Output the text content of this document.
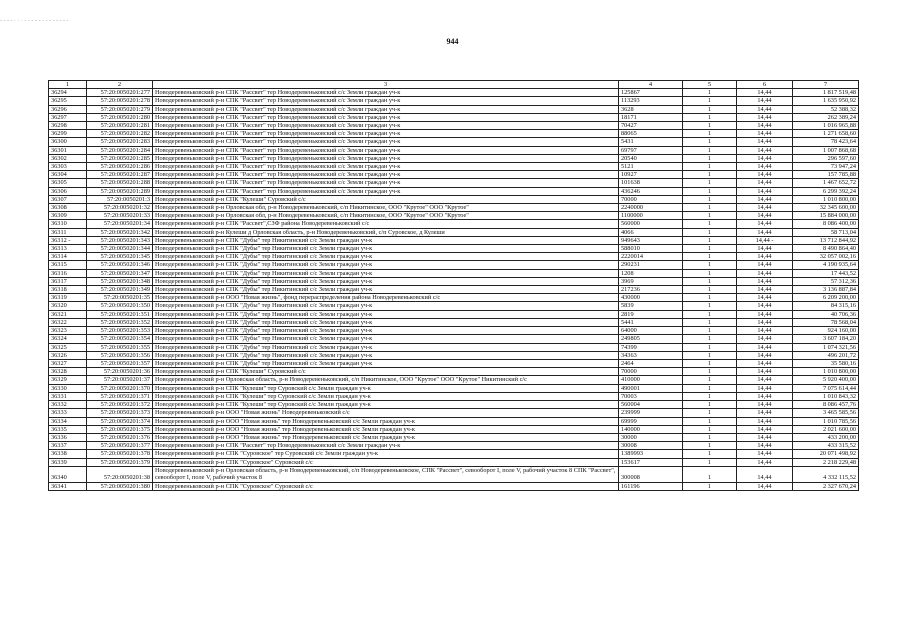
- - - - · · · - - - - - - - - - - - - -
944
1	2	3	4	5	6	7
36294	57:20:0050201:277	Новодеревеньковский р-н СПК "Рассвет" тер Новодеревеньковский с/с Земли граждан уч-к	125867	1	14,44	1 817 519,48
36295	57:20:0050201:278	Новодеревеньковский р-н СПК "Рассвет" тер Новодеревеньковский с/с Земли граждан уч-к	113293	1	14,44	1 635 950,92
36296	57:20:0050201:279	Новодеревеньковский р-н СПК "Рассвет" тер Новодеревеньковский с/с Земли граждан уч-к	3628	1	14,44	52 388,32
36297	57:20:0050201:280	Новодеревеньковский р-н СПК "Рассвет" тер Новодеревеньковский с/с Земли граждан уч-к	18171	1	14,44	262 389,24
36298	57:20:0050201:281	Новодеревеньковский р-н СПК "Рассвет" тер Новодеревеньковский с/с Земли граждан уч-к	70427	1	14,44	1 016 965,88
36299	57:20:0050201:282	Новодеревеньковский р-н СПК "Рассвет" тер Новодеревеньковский с/с Земли граждан уч-к	88065	1	14,44	1 271 658,60
36300	57:20:0050201:283	Новодеревеньковский р-н СПК "Рассвет" тер Новодеревеньковский с/с Земли граждан уч-к	5431	1	14,44	78 423,64
36301	57:20:0050201:284	Новодеревеньковский р-н СПК "Рассвет" тер Новодеревеньковский с/с Земли граждан уч-к	69797	1	14,44	1 007 868,68
36302	57:20:0050201:285	Новодеревеньковский р-н СПК "Рассвет" тер Новодеревеньковский с/с Земли граждан уч-к	20540	1	14,44	296 597,60
36303	57:20:0050201:286	Новодеревеньковский р-н СПК "Рассвет" тер Новодеревеньковский с/с Земли граждан уч-к	5121	1	14,44	73 947,24
36304	57:20:0050201:287	Новодеревеньковский р-н СПК "Рассвет" тер Новодеревеньковский с/с Земли граждан уч-к	10927	1	14,44	157 785,88
36305	57:20:0050201:288	Новодеревеньковский р-н СПК "Рассвет" тер Новодеревеньковский с/с Земли граждан уч-к	101638	1	14,44	1 467 652,72
36306	57:20:0050201:289	Новодеревеньковский р-н СПК "Рассвет" тер Новодеревеньковский с/с Земли граждан уч-к	436246	1	14,44	6 299 392,24
36307	57:20:0050201:3	Новодеревеньковский р-н СПК "Кулеши" Суровский с/с	70000	1	14,44	1 010 800,00
36308	57:20:0050201:32	Новодеревеньковский р-н Орловская обл, р-н Новодеревеньковский, с/п Никитинское, ООО "Крутое" ООО "Крутое"	2240000	1	14,44	32 345 600,00
36309	57:20:0050201:33	Новодеревеньковский р-н Орловская обл, р-н Новодеревеньковский, с/п Никитинское, ООО "Крутое" ООО "Крутое"	1100000	1	14,44	15 884 000,00
36310	57:20:0050201:34	Новодеревеньковский р-н СПК "Рассвет",СЗФ района Новодеревеньковский с/с	560000	1	14,44	8 086 400,00
36311	57:20:0050201:342	Новодеревеньковский р-н Кулеши д Орловская область, р-н Новодеревеньковский, с/п Суровское, д Кулеши	4066	1	14,44	58 713,04
36312 -	57:20:0050201:343	Новодеревеньковский р-н СПК "Дубы" тер Никитинский с/с Земли граждан уч-к	949643	1	14,44 -	13 712 844,92
36313	57:20:0050201:344	Новодеревеньковский р-н СПК "Дубы" тер Никитинский с/с Земли граждан уч-к	588010	1	14,44	8 490 864,40
36314	57:20:0050201:345	Новодеревеньковский р-н СПК "Дубы" тер Никитинский с/с Земли граждан уч-к	2220014	1	14,44	32 057 002,16
36315	57:20:0050201:346	Новодеревеньковский р-н СПК "Дубы" тер Никитинский с/с Земли граждан уч-к	290231	1	14,44	4 190 935,64
36316	57:20:0050201:347	Новодеревеньковский р-н СПК "Дубы" тер Никитинский с/с Земли граждан уч-к	1208	1	14,44	17 443,52
36317	57:20:0050201:348	Новодеревеньковский р-н СПК "Дубы" тер Никитинский с/с Земли граждан уч-к	3969	1	14,44	57 312,36
36318	57:20:0050201:349	Новодеревеньковский р-н СПК "Дубы" тер Никитинский с/с Земли граждан уч-к	217236	1	14,44	3 136 887,84
36319	57:20:0050201:35	Новодеревеньковский р-н ООО "Новая жизнь", фонд перераспределения района Новодеревеньковский с/с	430000	1	14,44	6 209 200,00
36320	57:20:0050201:350	Новодеревеньковский р-н СПК "Дубы" тер Никитинский с/с Земли граждан уч-к	5839	1	14,44	84 315,16
36321	57:20:0050201:351	Новодеревеньковский р-н СПК "Дубы" тер Никитинский с/с Земли граждан уч-к	2819	1	14,44	40 706,36
36322	57:20:0050201:352	Новодеревеньковский р-н СПК "Дубы" тер Никитинский с/с Земли граждан уч-к	5441	1	14,44	78 568,04
36323	57:20:0050201:353	Новодеревеньковский р-н СПК "Дубы" тер Никитинский с/с Земли граждан уч-к	64000	1	14,44	924 160,00
36324	57:20:0050201:354	Новодеревеньковский р-н СПК "Дубы" тер Никитинский с/с Земли граждан уч-к	249805	1	14,44	3 607 184,20
36325	57:20:0050201:355	Новодеревеньковский р-н СПК "Дубы" тер Никитинский с/с Земли граждан уч-к	74399	1	14,44	1 074 321,56
36326	57:20:0050201:356	Новодеревеньковский р-н СПК "Дубы" тер Никитинский с/с Земли граждан уч-к	34363	1	14,44	496 201,72
36327	57:20:0050201:357	Новодеревеньковский р-н СПК "Дубы" тер Никитинский с/с Земли граждан уч-к	2464	1	14,44	35 580,16
36328	57:20:0050201:36	Новодеревеньковский р-н СПК "Кулеши" Суровский с/с	70000	1	14,44	1 010 800,00
36329	57:20:0050201:37	Новодеревеньковский р-н Орловская область, р-н Новодеревеньковский, с/п Никитинское, ООО "Крутое" ООО "Крутое" Никитинский с/с	410000	1	14,44	5 920 400,00
36330	57:20:0050201:370	Новодеревеньковский р-н СПК "Кулеши" тер Суровский с/с Земли граждан уч-к	490001	1	14,44	7 075 614,44
36331	57:20:0050201:371	Новодеревеньковский р-н СПК "Кулеши" тер Суровский с/с Земли граждан уч-к	70003	1	14,44	1 010 843,32
36332	57:20:0050201:372	Новодеревеньковский р-н СПК "Кулеши" тер Суровский с/с Земли граждан уч-к	560004	1	14,44	8 086 457,76
36333	57:20:0050201:373	Новодеревеньковский р-н ООО "Новая жизнь" Новодеревеньковский с/с	239999	1	14,44	3 465 585,56
36334	57:20:0050201:374	Новодеревеньковский р-н ООО "Новая жизнь" тер Новодеревеньковский с/с Земли граждан уч-к	69999	1	14,44	1 010 785,56
36335	57:20:0050201:375	Новодеревеньковский р-н ООО "Новая жизнь" тер Новодеревеньковский с/с Земли граждан уч-к	140000	1	14,44	2 021 600,00
36336	57:20:0050201:376	Новодеревеньковский р-н ООО "Новая жизнь" тер Новодеревеньковский с/с Земли граждан уч-к	30000	1	14,44	433 200,00
36337	57:20:0050201:377	Новодеревеньковский р-н СПК "Рассвет" тер Новодеревеньковский с/с Земли граждан уч-к	30008	1	14,44	433 315,52
36338	57:20:0050201:378	Новодеревеньковский р-н СПК "Суровское" тер Суровский с/с Земли граждан уч-к	1389993	1	14,44	20 071 498,92
36339	57:20:0050201:379	Новодеревеньковский р-н СПК "Суровское" Суровский с/с	153617	1	14,44	2 218 229,48
36340	57:20:0050201:38	Новодеревеньковский р-н Орловская область, р-н Новодеревеньковский, с/п Новодеревеньковское, СПК "Рассвет", севооборот I, поле V, рабочий участок 8 СПК "Рассвет", севооборот I, поле V, рабочий участок 8	300008	1	14,44	4 332 115,52
36341	57:20:0050201:380	Новодеревеньковский р-н СПК "Суровское" Суровский с/с	161196	1	14,44	2 327 670,24
